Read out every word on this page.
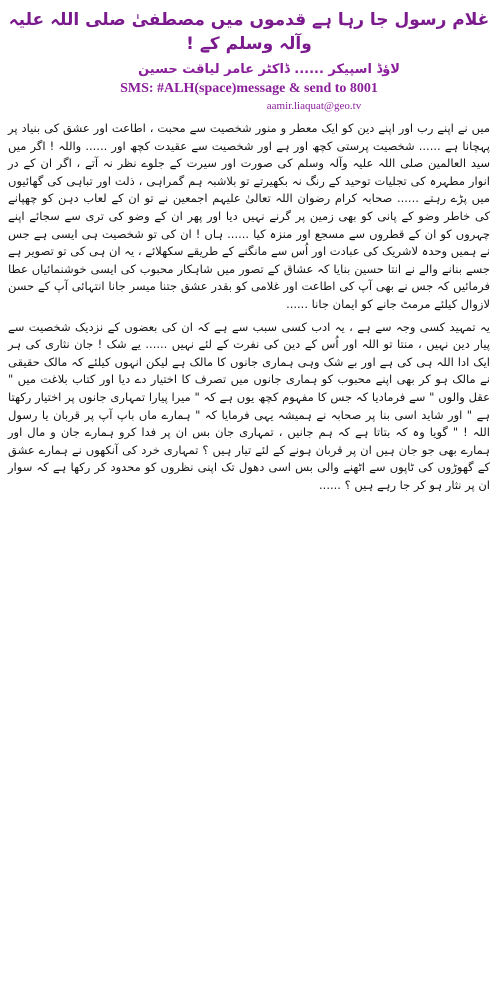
غلام رسول جا رہا ہے قدموں میں مصطفیٰ صلی اللہ علیہ وآلہ وسلم کے !
لاؤڈ اسپیکر ...... ڈاکٹر عامر لیاقت حسین
SMS: #ALH(space)message & send to 8001
aamir.liaquat@geo.tv

میں نے اپنے رب اور اپنے دین کو ایک معطر و منور شخصیت سے محبت ، اطاعت اور عشق کی بنیاد پر پہچانا ہے ...... شخصیت پرستی کچھ اور ہے اور شخصیت سے عقیدت کچھ اور ...... واللہ ! اگر میں سید العالمین صلی اللہ علیہ وآلہ وسلم کی صورت اور سیرت کے جلوے نظر نہ آتے ، اگر ان کے در انوار مطہرہ کی تجلیات توحید کے رنگ نہ بکھیرتے تو بلاشبہ ہم گمراہی ، ذلت اور تباہی کی گھائیوں میں پڑے رہتے ...... صحابہ کرام رضوان اللہ تعالیٰ علیہم اجمعین نے تو ان کے لعاب دہن کو چھپانے کی خاطر وضو کے پانی کو بھی زمین پر گرنے نہیں دیا اور پھر ان کے وضو کی تری سے سجائے اپنے چہروں کو ان کے قطروں سے مسجع اور منزہ کیا ...... ہاں ! ان کی تو شخصیت ہی ایسی ہے جس نے ہمیں وحدہ لاشریک کی عبادت اور اُس سے مانگنے کے طریقے سکھلائے ، یہ ان ہی کی تو تصویر ہے جسے بنانے والے نے انتا حسین بنایا کہ عشاق کے تصور میں شاہکار محبوب کی ایسی خوشنمائیاں عطا فرمائیں کہ جس نے بھی آپ کی اطاعت اور غلامی کو بقدر عشق جتنا میسر جانا انتہائی آپ کے حسن لازوال کیلئے مرمٹ جانے کو ایمان جانا ......

یہ تمہید کسی وجہ سے ہے ، یہ ادب کسی سبب سے ہے کہ ان کی بعضوں کے نزدیک شخصیت سے پیار دین نہیں ، منتا تو اللہ اور اُس کے دین کی نفرت کے لئے نہیں ...... یے شک ! جان نثاری کی ہر ایک ادا اللہ ہی کی ہے اور بے شک وہی ہماری جانوں کا مالک ہے لیکن انہوں کیلئے کہ مالک حقیقی نے مالک ہو کر بھی اپنے محبوب کو ہماری جانوں میں تصرف کا اختیار دے دیا اور کتاب بلاغت میں " عقل والوں " سے فرمادیا کہ جس کا مفہوم کچھ یوں ہے کہ " میرا پیارا تمہاری جانوں پر اختیار رکھتا ہے " اور شاید اسی بنا پر صحابہ نے ہمیشہ یہی فرمایا کہ " ہمارے ماں باپ آپ پر قربان یا رسول اللہ ! " گویا وہ کہ بتاتا ہے کہ ہم جانیں ، تمہاری جان بس ان پر فدا کرو ہمارے جان و مال اور ہمارے بھی جو جان ہیں ان پر قربان ہونے کے لئے تیار ہیں ؟ تمہاری خرد کی آنکھوں نے ہمارے عشق کے گھوڑوں کی ٹاپوں سے اٹھنے والی بس اسی دھول تک اپنی نظروں کو محدود کر رکھا ہے کہ سوار ان پر نثار ہو کر جا رہے ہیں ؟ ......
